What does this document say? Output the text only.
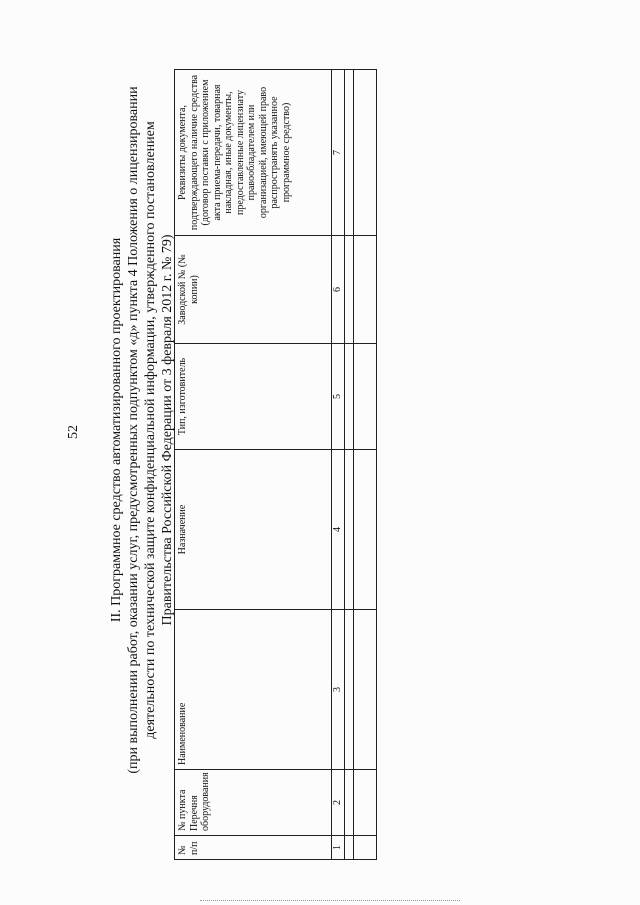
52 II. Программное средство автоматизированного проектирования (при выполнении работ, оказании услуг, предусмотренных подпунктом «д» пункта 4 Положения о лицензировании деятельности по технической защите конфиденциальной информации, утвержденного постановлением Правительства Российской Федерации от 3 февраля 2012 г. № 79)
№ п/п	№ пункта Перечня оборудования	Наименование	Назначение	Тип, изготовитель	Заводской № (№ копии)	Реквизиты документа, подтверждающего наличие средства (договор поставки с приложением акта приема-передачи, товарная накладная, иные документы, предоставленные лицензиату правообладателем или организацией, имеющей право распространять указанное программное средство)
1	2	3	4	5	6	7
